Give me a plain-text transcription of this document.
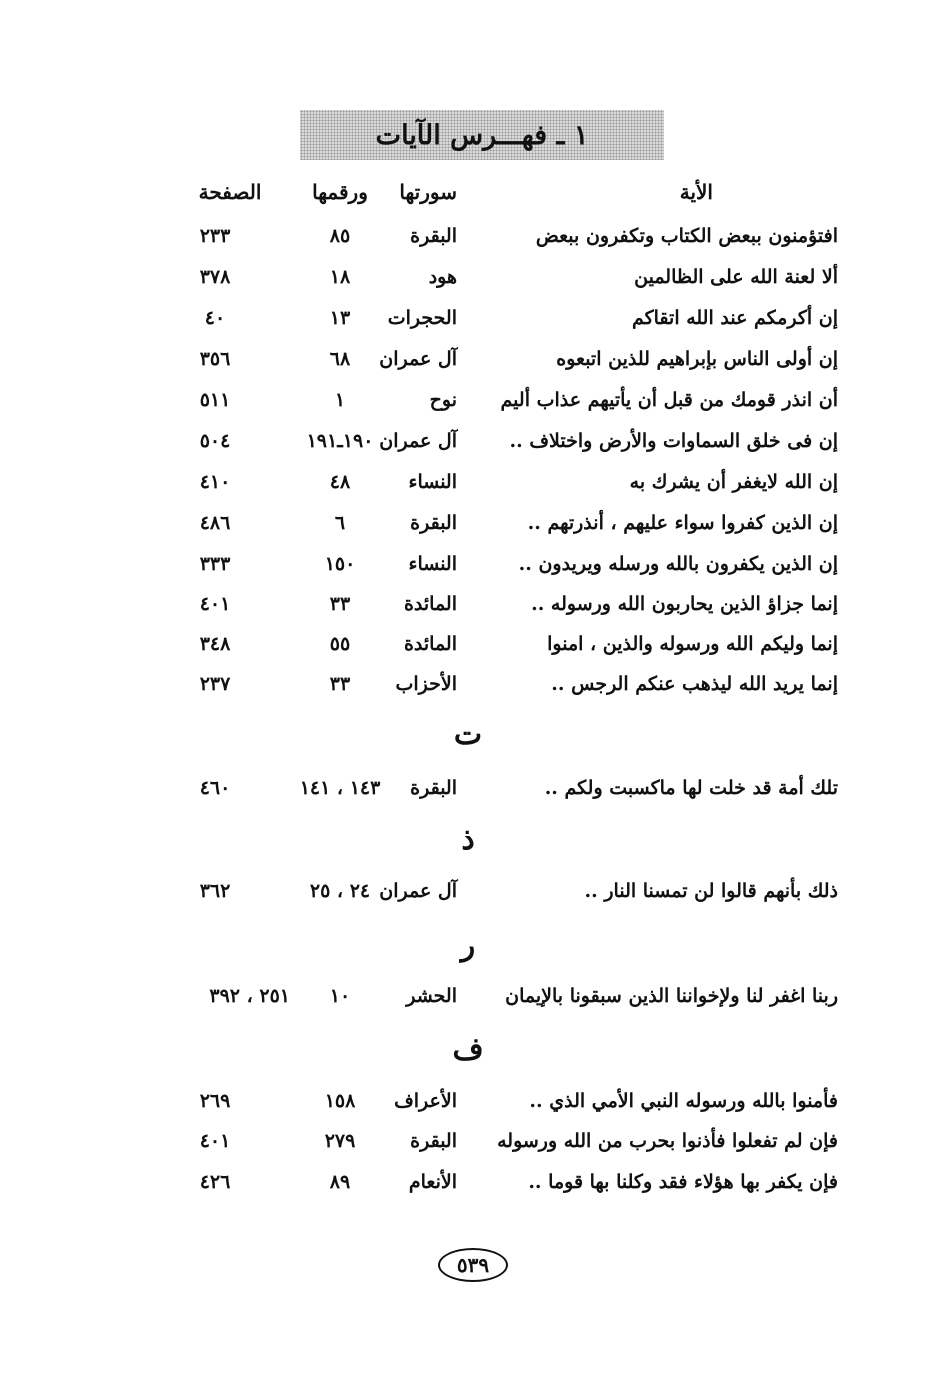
١ ـ فهـــرس الآيات
الأية
سورتها
ورقمها
الصفحة
افتؤمنون ببعض الكتاب وتكفرون ببعض
البقرة
٨٥
٢٣٣
ألا لعنة الله على الظالمين
هود
١٨
٣٧٨
إن أكرمكم عند الله اتقاكم
الحجرات
١٣
٤٠
إن أولى الناس بإبراهيم للذين اتبعوه
آل عمران
٦٨
٣٥٦
أن انذر قومك من قبل أن يأتيهم عذاب أليم
نوح
١
٥١١
إن فى خلق السماوات والأرض واختلاف ..
آل عمران
١٩٠ـ١٩١
٥٠٤
إن الله لايغفر أن يشرك به
النساء
٤٨
٤١٠
إن الذين كفروا سواء عليهم ، أنذرتهم ..
البقرة
٦
٤٨٦
إن الذين يكفرون بالله ورسله ويريدون ..
النساء
١٥٠
٣٣٣
إنما جزاؤ الذين يحاربون الله ورسوله ..
المائدة
٣٣
٤٠١
إنما وليكم الله ورسوله والذين ، امنوا
المائدة
٥٥
٣٤٨
إنما يريد الله ليذهب عنكم الرجس ..
الأحزاب
٣٣
٢٣٧
ت
تلك أمة قد خلت لها ماكسبت ولكم ..
البقرة
١٤٣ ، ١٤١
٤٦٠
ذ
ذلك بأنهم قالوا لن تمسنا النار ..
آل عمران
٢٤ ، ٢٥
٣٦٢
ر
ربنا اغفر لنا ولإخواننا الذين سبقونا بالإيمان
الحشر
١٠
٢٥١ ، ٣٩٢
ف
فأمنوا بالله ورسوله النبي الأمي الذي ..
الأعراف
١٥٨
٢٦٩
فإن لم تفعلوا فأذنوا بحرب من الله ورسوله
البقرة
٢٧٩
٤٠١
فإن يكفر بها هؤلاء فقد وكلنا بها قوما ..
الأنعام
٨٩
٤٢٦
٥٣٩
